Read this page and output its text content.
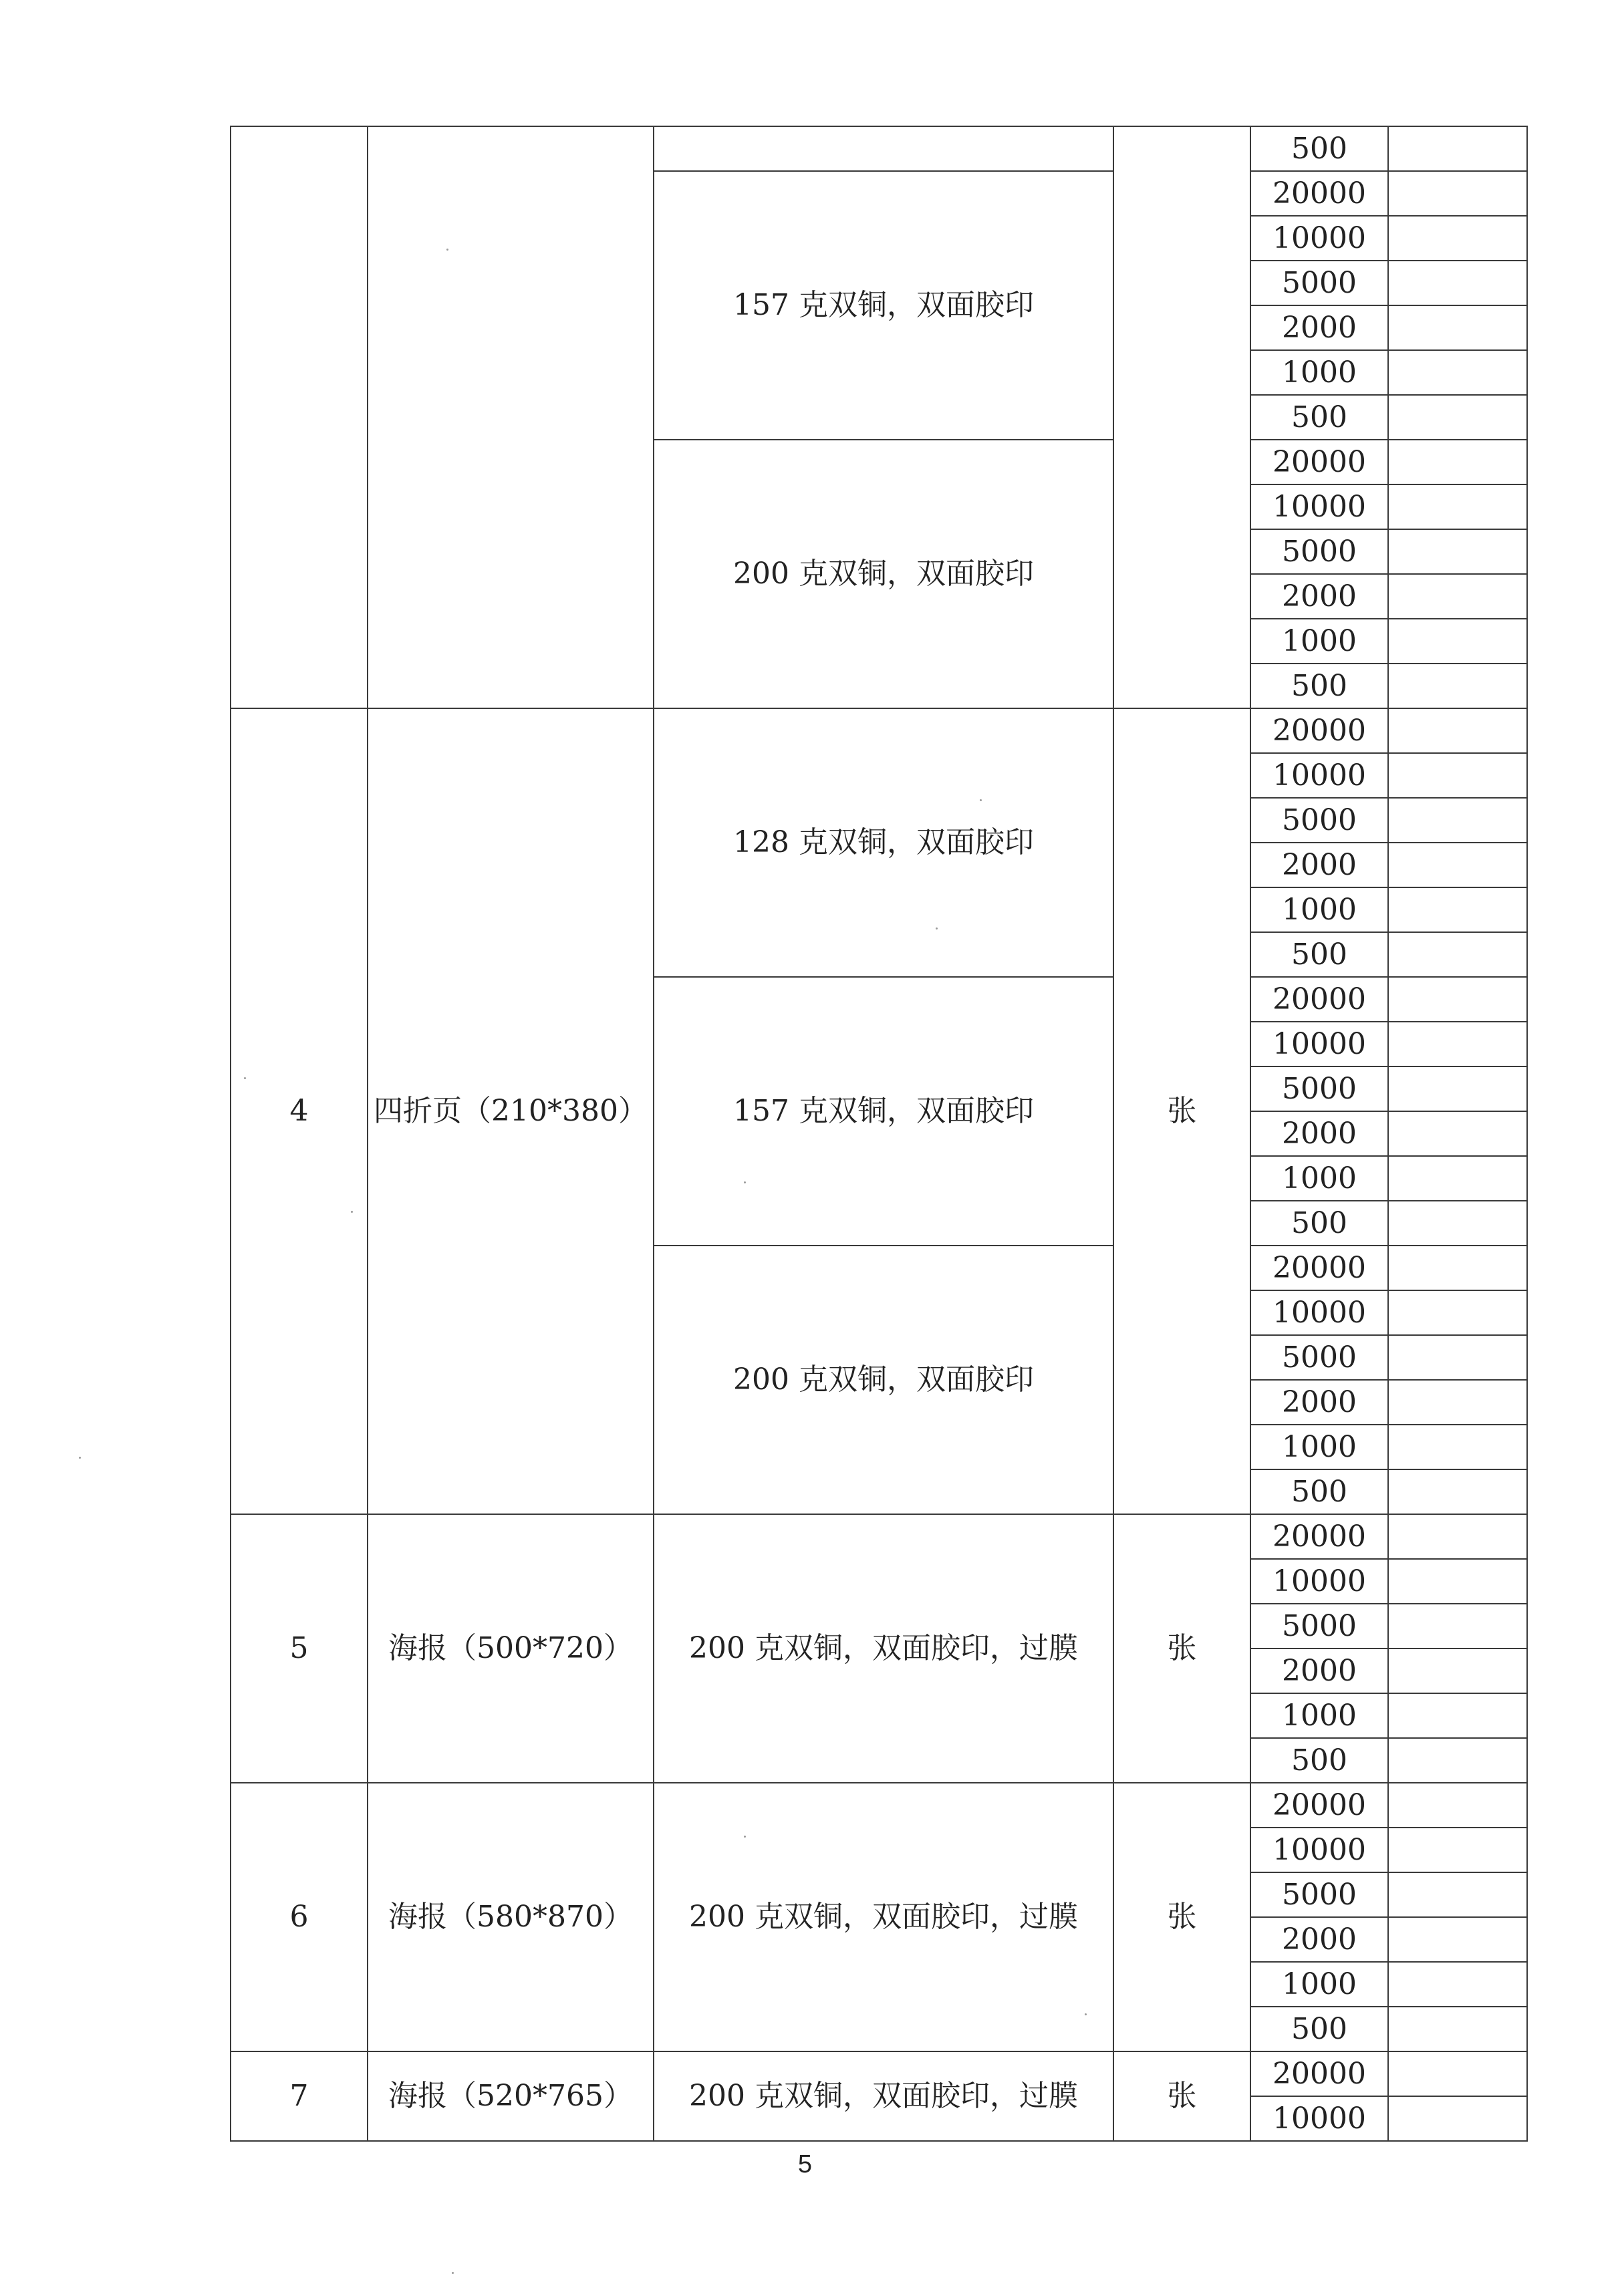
				500	
		157 克双铜，双面胶印		20000	
				10000	
				5000	
				2000	
				1000	
				500	
		200 克双铜，双面胶印		20000	
				10000	
				5000	
				2000	
				1000	
				500	
4	四折页（210*380）	128 克双铜，双面胶印	张	20000	
				10000	
				5000	
				2000	
				1000	
				500	
		157 克双铜，双面胶印		20000	
				10000	
				5000	
				2000	
				1000	
				500	
		200 克双铜，双面胶印		20000	
				10000	
				5000	
				2000	
				1000	
				500	
5	海报（500*720）	200 克双铜，双面胶印，过膜	张	20000	
				10000	
				5000	
				2000	
				1000	
				500	
6	海报（580*870）	200 克双铜，双面胶印，过膜	张	20000	
				10000	
				5000	
				2000	
				1000	
				500	
7	海报（520*765）	200 克双铜，双面胶印，过膜	张	20000	
				10000	
5
